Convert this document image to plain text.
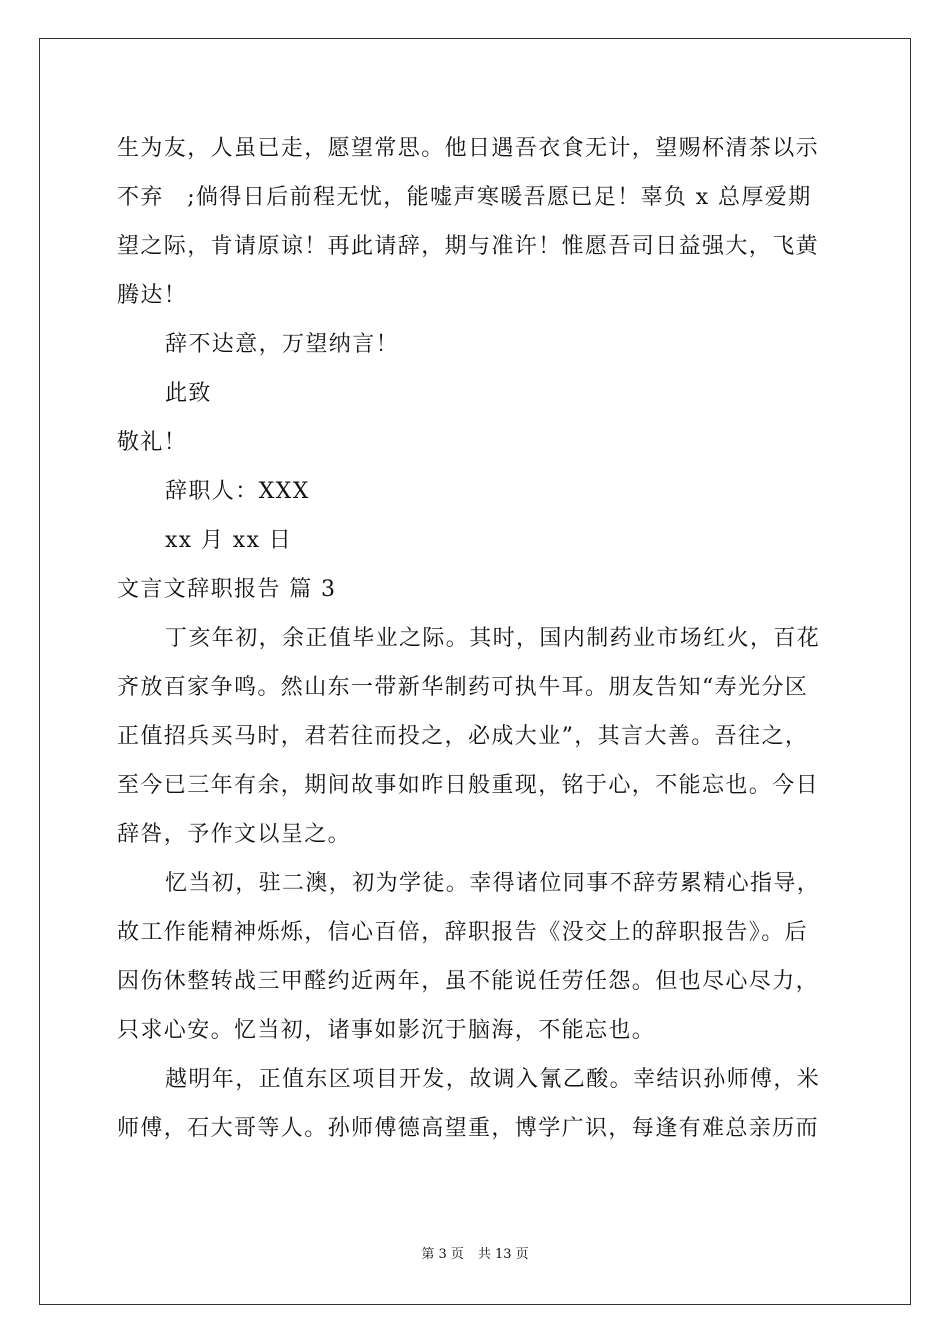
生为友，人虽已走，愿望常思。他日遇吾衣食无计，望赐杯清茶以示
不弃　;倘得日后前程无忧，能嘘声寒暖吾愿已足！辜负 x 总厚爱期
望之际，肯请原谅！再此请辞，期与准许！惟愿吾司日益强大，飞黄
腾达！
辞不达意，万望纳言！
此致
敬礼！
辞职人：XXX
xx 月 xx 日
文言文辞职报告 篇 3
丁亥年初，余正值毕业之际。其时，国内制药业市场红火，百花
齐放百家争鸣。然山东一带新华制药可执牛耳。朋友告知“寿光分区
正值招兵买马时，君若往而投之，必成大业”，其言大善。吾往之，
至今已三年有余，期间故事如昨日般重现，铭于心，不能忘也。今日
辞咎，予作文以呈之。
忆当初，驻二澳，初为学徒。幸得诸位同事不辞劳累精心指导，
故工作能精神烁烁，信心百倍，辞职报告《没交上的辞职报告》。后
因伤休整转战三甲醛约近两年，虽不能说任劳任怨。但也尽心尽力，
只求心安。忆当初，诸事如影沉于脑海，不能忘也。
越明年，正值东区项目开发，故调入氰乙酸。幸结识孙师傅，米
师傅，石大哥等人。孙师傅德高望重，博学广识，每逢有难总亲历而
第 3 页 共 13 页
